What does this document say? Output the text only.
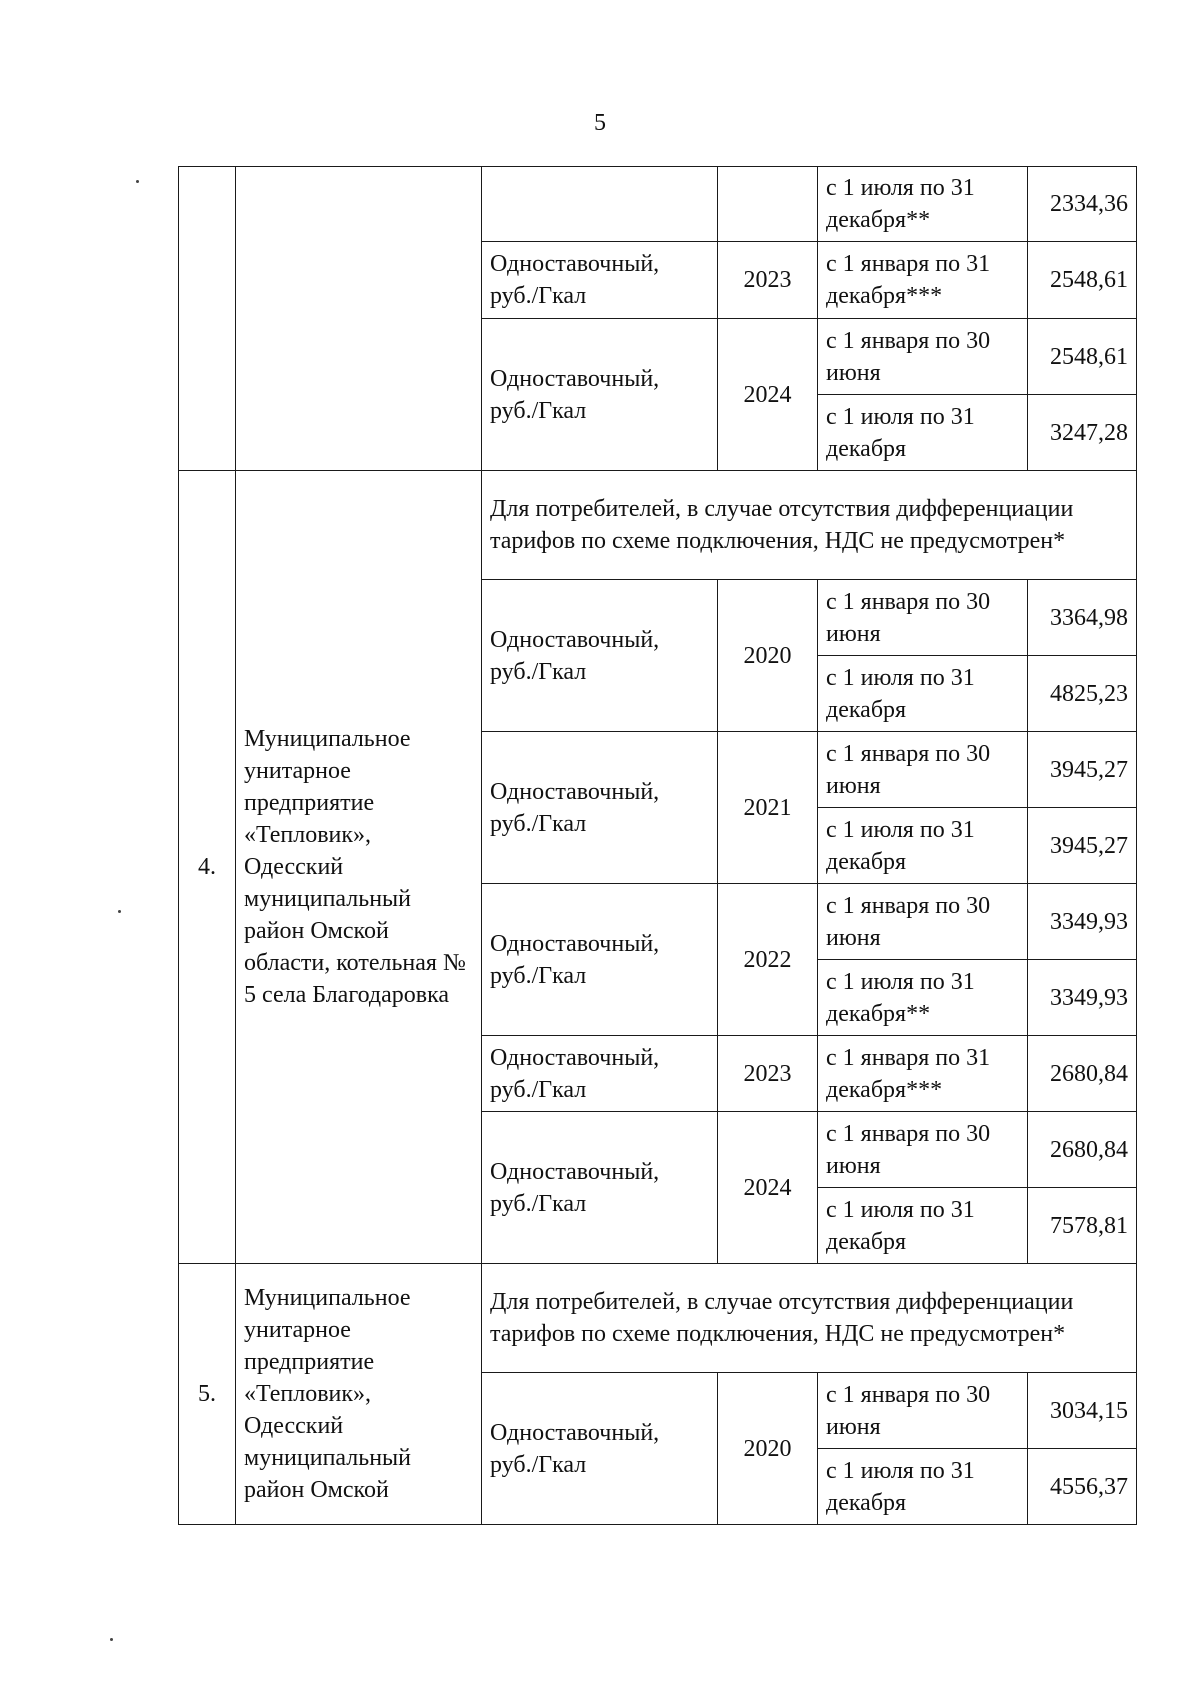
5
				с 1 июля по 31 декабря**	2334,36
		Одноставочный, руб./Гкал	2023	с 1 января по 31 декабря***	2548,61
		Одноставочный, руб./Гкал	2024	с 1 января по 30 июня	2548,61
				с 1 июля по 31 декабря	3247,28
4.	Муниципальное унитарное предприятие «Тепловик», Одесский муниципальный район Омской области, котельная № 5 села Благодаровка	Для потребителей, в случае отсутствия дифференциации тарифов по схеме подключения, НДС не предусмотрен*			
		Одноставочный, руб./Гкал	2020	с 1 января по 30 июня	3364,98
				с 1 июля по 31 декабря	4825,23
		Одноставочный, руб./Гкал	2021	с 1 января по 30 июня	3945,27
				с 1 июля по 31 декабря	3945,27
		Одноставочный, руб./Гкал	2022	с 1 января по 30 июня	3349,93
				с 1 июля по 31 декабря**	3349,93
		Одноставочный, руб./Гкал	2023	с 1 января по 31 декабря***	2680,84
		Одноставочный, руб./Гкал	2024	с 1 января по 30 июня	2680,84
				с 1 июля по 31 декабря	7578,81
5.	Муниципальное унитарное предприятие «Тепловик», Одесский муниципальный район Омской	Для потребителей, в случае отсутствия дифференциации тарифов по схеме подключения, НДС не предусмотрен*			
		Одноставочный, руб./Гкал	2020	с 1 января по 30 июня	3034,15
				с 1 июля по 31 декабря	4556,37
